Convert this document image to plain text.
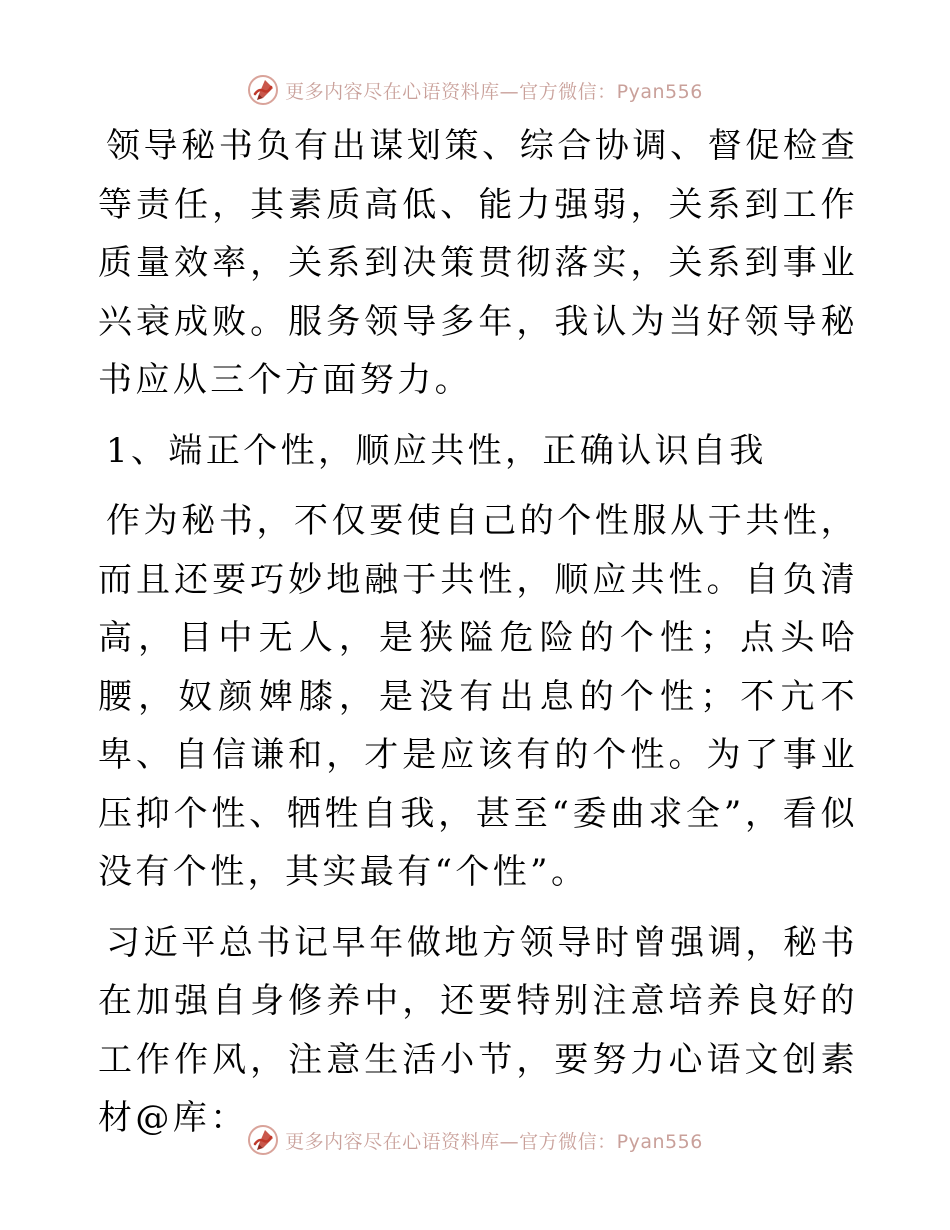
更多内容尽在心语资料库—官方微信：Pyan556

领导秘书负有出谋划策、综合协调、督促检查等责任，其素质高低、能力强弱，关系到工作质量效率，关系到决策贯彻落实，关系到事业兴衰成败。服务领导多年，我认为当好领导秘书应从三个方面努力。

1、端正个性，顺应共性，正确认识自我

作为秘书，不仅要使自己的个性服从于共性，而且还要巧妙地融于共性，顺应共性。自负清高，目中无人，是狭隘危险的个性；点头哈腰，奴颜婢膝，是没有出息的个性；不亢不卑、自信谦和，才是应该有的个性。为了事业压抑个性、牺牲自我，甚至“委曲求全”，看似没有个性，其实最有“个性”。

习近平总书记早年做地方领导时曾强调，秘书在加强自身修养中，还要特别注意培养良好的工作作风，注意生活小节，要努力心语文创素材@库：

更多内容尽在心语资料库—官方微信：Pyan556
